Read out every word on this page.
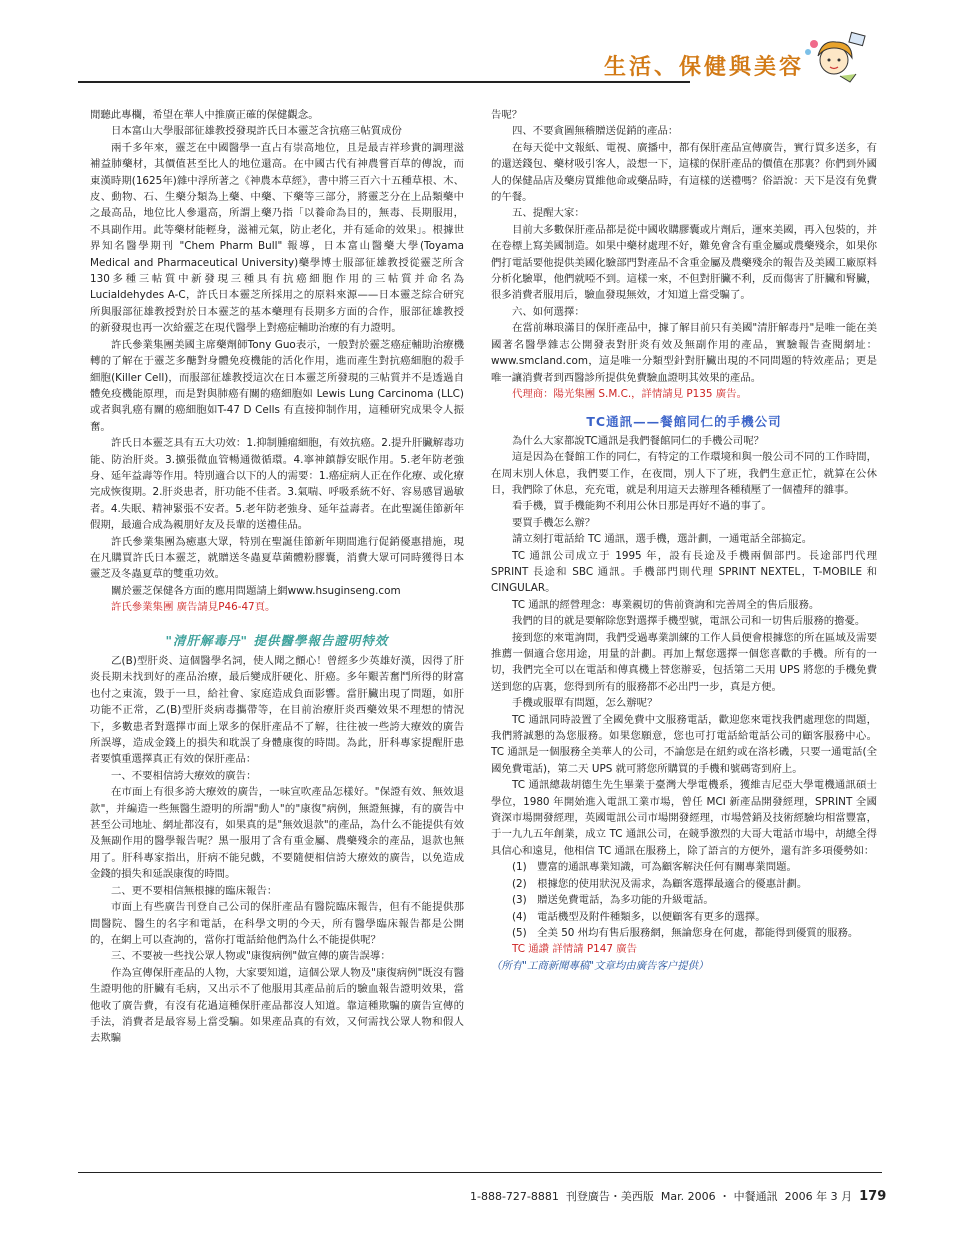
生活、保健與美容

閒聽此專欄，希望在華人中推廣正確的保健觀念。

日本富山大學服部征雄教授發現許氏日本靈芝含抗癌三帖質成份

兩千多年來，靈芝在中國醫學一直占有崇高地位，且是最吉祥珍貴的調理滋補益肺藥材，其價值甚至比人的地位還高。在中國古代有神農嘗百草的傳說，而東漢時期(1625年)雜中浮所著之《神農本草經》，書中將三百六十五種草根、木、皮、動物、石、生藥分類為上藥、中藥、下藥等三部分，將靈芝分在上品類藥中之最高品，地位比人參還高，所謂上藥乃指「以養命為目的，無毒、長期服用，不具副作用。此等藥材能輕身，滋補元氣，防止老化，并有延命的效果」。根據世界知名醫學期刊 "Chem Pharm Bull" 報導，日本富山醫藥大學(Toyama Medical and Pharmaceutical University)藥學博士服部征雄教授從靈芝所含130多種三帖質中新發現三種具有抗癌細胞作用的三帖質并命名為 Lucialdehydes A-C，許氏日本靈芝所採用之的原料來源——日本靈芝綜合研究所與服部征雄教授對於日本靈芝的基本藥理有長期多方面的合作，服部征雄教授的新發現也再一次給靈芝在現代醫學上對癌症輔助治療的有力證明。

許氏參業集團美國主席藥劑師Tony Guo表示，一般對於靈芝癌症輔助治療機轉的了解在于靈芝多醣對身體免疫機能的活化作用，進而產生對抗癌細胞的殺手細胞(Killer Cell)，而服部征雄教授這次在日本靈芝所發現的三帖質并不是透過自體免疫機能原理，而是對與肺癌有關的癌細胞如 Lewis Lung Carcinoma (LLC)或者與乳癌有關的癌細胞如T-47 D Cells 有直接抑制作用，這種研究成果令人振奮。

許氏日本靈芝具有五大功效：1.抑制腫瘤細胞，有效抗癌。2.提升肝臟解毒功能、防治肝炎。3.擴張微血管暢通微循環。4.寧神鎮靜安眠作用。5.老年防老強身、延年益壽等作用。特別適合以下的人的需要：1.癌症病人正在作化療、或化療完成恢復期。2.肝炎患者，肝功能不佳者。3.氣喘、呼吸系統不好、容易感冒過敏者。4.失眠、精神緊張不安者。5.老年防老強身、延年益壽者。在此聖誕佳節新年假期，最適合成為親朋好友及長輩的送禮佳品。

許氏參業集團為癒惠大眾，特別在聖誕佳節新年期間進行促銷優惠措施，現在凡購買許氏日本靈芝，就贈送冬蟲夏草菌體粉膠囊，消費大眾可同時獲得日本靈芝及冬蟲夏草的雙重功效。

關於靈芝保健各方面的應用問題請上網www.hsuginseng.com

許氏參業集團 廣告請見P46-47頁。

"清肝解毒丹" 提供醫學報告證明特效

乙(B)型肝炎、這個醫學名詞，使人聞之顫心！曾經多少英雄好漢，因得了肝炎長期未找到好的產品治療，最后變成肝硬化、肝癌。多年艱苦奮鬥所得的財富也付之東流，毀于一旦，給社會、家庭造成負面影響。當肝臟出現了問題，如肝功能不正常，乙(B)型肝炎病毒攜帶等，在目前治療肝炎西藥效果不理想的情況下，多數患者對選擇市面上眾多的保肝產品不了解，往往被一些誇大療效的廣告所誤導，造成金錢上的損失和耽誤了身體康復的時間。為此，肝科專家提醒肝患者要慎重選擇真正有效的保肝產品：

一、不要相信誇大療效的廣告：

在市面上有很多誇大療效的廣告，一味宣吹產品怎樣好。"保證有效、無效退款"，并編造一些無醫生證明的所謂"動人"的"康復"病例，無證無據，有的廣告中甚至公司地址、網址都沒有，如果真的是"無效退款"的產品，為什么不能提供有效及無副作用的醫學報告呢？黑一服用了含有重金屬、農藥殘余的產品，退款也無用了。肝科專家指出，肝病不能兒戲，不要隨便相信誇大療效的廣告，以免造成金錢的損失和延誤康復的時間。

二、更不要相信無根據的臨床報告：

市面上有些廣告刊登自己公司的保肝產品有醫院臨床報告，但有不能提供那間醫院、醫生的名字和電話，在科學文明的今天，所有醫學臨床報告都是公開的，在網上可以查詢的，當你打電話給他們為什么不能提供呢？

三、不要被一些找公眾人物或"康復病例"做宣傳的廣告誤導：

作為宣傳保肝產品的人物，大家要知道，這個公眾人物及"康復病例"既沒有醫生證明他的肝臟有毛病，又出示不了他服用其產品前后的驗血報告證明效果，當他收了廣告費，有沒有花過這種保肝產品都沒人知道。靠這種欺騙的廣告宣傳的手法，消費者是最容易上當受騙。如果產品真的有效，又何需找公眾人物和假人去欺騙

告呢？

四、不要貪圖無稽贈送促銷的產品：

在每天從中文報紙、電視、廣播中，都有保肝產品宣傳廣告，實行買多送多，有的還送錢包、藥材吸引客人，設想一下，這樣的保肝產品的價值在那裏？你們到外國人的保健品店及藥房買維他命或藥品時，有這樣的送禮嗎？俗語說：天下是沒有免費的午餐。

五、提醒大家：

目前大多數保肝產品都是從中國收購膠囊或片劑后，運來美國，再入包裝的，并在卷標上寫美國制造。如果中藥材處理不好，難免會含有重金屬或農藥殘余，如果你們打電話要他提供美國化驗部門對產品不含重金屬及農藥殘余的報告及美國工廠原料分析化驗單，他們就啞不到。這樣一來，不但對肝臟不利，反而傷害了肝臟和腎臟，很多消費者服用后，驗血發現無效，才知道上當受騙了。

六、如何選擇：

在當前琳琅滿目的保肝產品中，據了解目前只有美國"清肝解毒丹"是唯一能在美國著名醫學雜志公開發表對肝炎有效及無副作用的產品，實驗報告查閱網址：www.smcland.com，這是唯一分類型針對肝臟出現的不同問題的特效產品；更是唯一讓消費者到西醫診所提供免費驗血證明其效果的產品。

代理商：陽光集團 S.M.C.，詳情請見 P135 廣告。

TC通訊——餐館同仁的手機公司

為什么大家都說TC通訊是我們餐館同仁的手機公司呢？

這是因為在餐館工作的同仁，有特定的工作環境和與一般公司不同的工作時間，在周末別人休息，我們要工作，在夜間，別人下了班，我們生意正忙，就算在公休日，我們除了休息，充充電，就是利用這天去辦理各種積壓了一個禮拜的雜事。

看手機，買手機能夠不利用公休日那是再好不過的事了。

要買手機怎么辦？

請立刻打電話給 TC 通訊，選手機，選計劃，一通電話全部搞定。

TC 通訊公司成立于 1995 年，設有長途及手機兩個部門。長途部門代理 SPRINT 長途和 SBC 通訊。手機部門則代理 SPRINT NEXTEL，T-MOBILE 和 CINGULAR。

TC 通訊的經營理念：專業親切的售前資詢和完善周全的售后服務。

我們的目的就是要解除您對選擇手機型號，電訊公司和一切售后服務的擔憂。

接到您的來電詢問，我們受過專業訓練的工作人員便會根據您的所在區域及需要推薦一個適合您用途，用量的計劃。再加上幫您選擇一個您喜歡的手機。所有的一切，我們完全可以在電話和傳真機上替您辦妥，包括第二天用 UPS 將您的手機免費送到您的店裏，您得到所有的服務都不必出門一步，真是方便。

手機或服單有問題，怎么辦呢？

TC 通訊同時設置了全國免費中文服務電話，歡迎您來電找我們處理您的問題，我們將誠懇的為您服務。如果您願意，您也可打電話給電話公司的顧客服務中心。TC 通訊是一個服務全美華人的公司，不論您是在紐約或在洛杉磯，只要一通電話(全國免費電話)，第二天 UPS 就可將您所購買的手機和號碼寄到府上。

TC 通訊總裁胡德生先生畢業于臺灣大學電機系，獲維吉尼亞大學電機通訊碩士學位，1980 年開始進入電訊工業市場，曾任 MCI 新產品開發經理，SPRINT 全國資深市場開發經理，英國電訊公司市場開發經理，市場營銷及技術經驗均相當豐富，于一九九五年創業，成立 TC 通訊公司，在競爭激烈的大哥大電話市場中，胡總全得具信心和遠見，他相信 TC 通訊在服務上，除了語言的方便外，還有許多項優勢如：

(1)　豐富的通訊專業知識，可為顧客解決任何有關專業問題。

(2)　根據您的使用狀況及需求，為顧客選擇最適合的優惠計劃。

(3)　贈送免費電話，為多功能的升級電話。

(4)　電話機型及附件種類多，以便顧客有更多的選擇。

(5)　全美 50 州均有售后服務網，無論您身在何處，都能得到優質的服務。

TC 通讚 詳情請 P147 廣告

（所有"工商新聞專稿"文章均由廣告客户提供）

1-888-727-8881 刊登廣告・美西版 Mar. 2006 ・ 中餐通訊 2006 年 3 月 179
